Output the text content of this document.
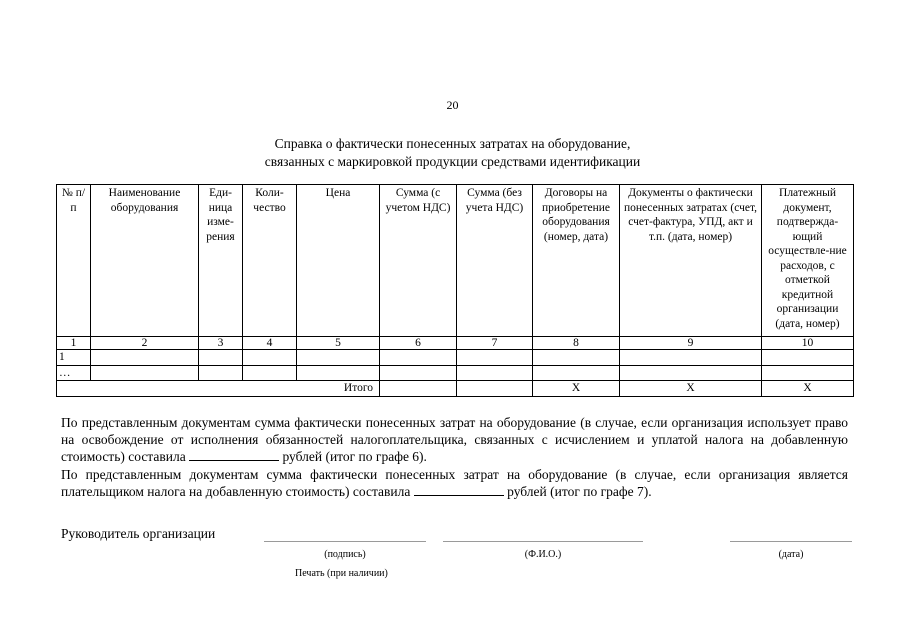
20
Справка о фактически понесенных затратах на оборудование,
связанных с маркировкой продукции средствами идентификации
№ п/п	Наименование оборудования	Еди-ница изме-рения	Коли-чество	Цена	Сумма (с учетом НДС)	Сумма (без учета НДС)	Договоры на приобретение оборудования (номер, дата)	Документы о фактически понесенных затратах (счет, счет-фактура, УПД, акт и т.п. (дата, номер)	Платежный документ, подтвержда-ющий осуществле-ние расходов, с отметкой кредитной организации (дата, номер)
1	2	3	4	5	6	7	8	9	10
1									
…									
Итого							Х	Х	Х
По представленным документам сумма фактически понесенных затрат на оборудование (в случае, если организация использует право на освобождение от исполнения обязанностей налогоплательщика, связанных с исчислением и уплатой налога на добавленную стоимость) составила	рублей (итог по графе 6).
По представленным документам сумма фактически понесенных затрат на оборудование (в случае, если организация является плательщиком налога на добавленную стоимость) составила	рублей (итог по графе 7).
Руководитель организации
(подпись)	(Ф.И.О.)	(дата)
Печать (при наличии)
